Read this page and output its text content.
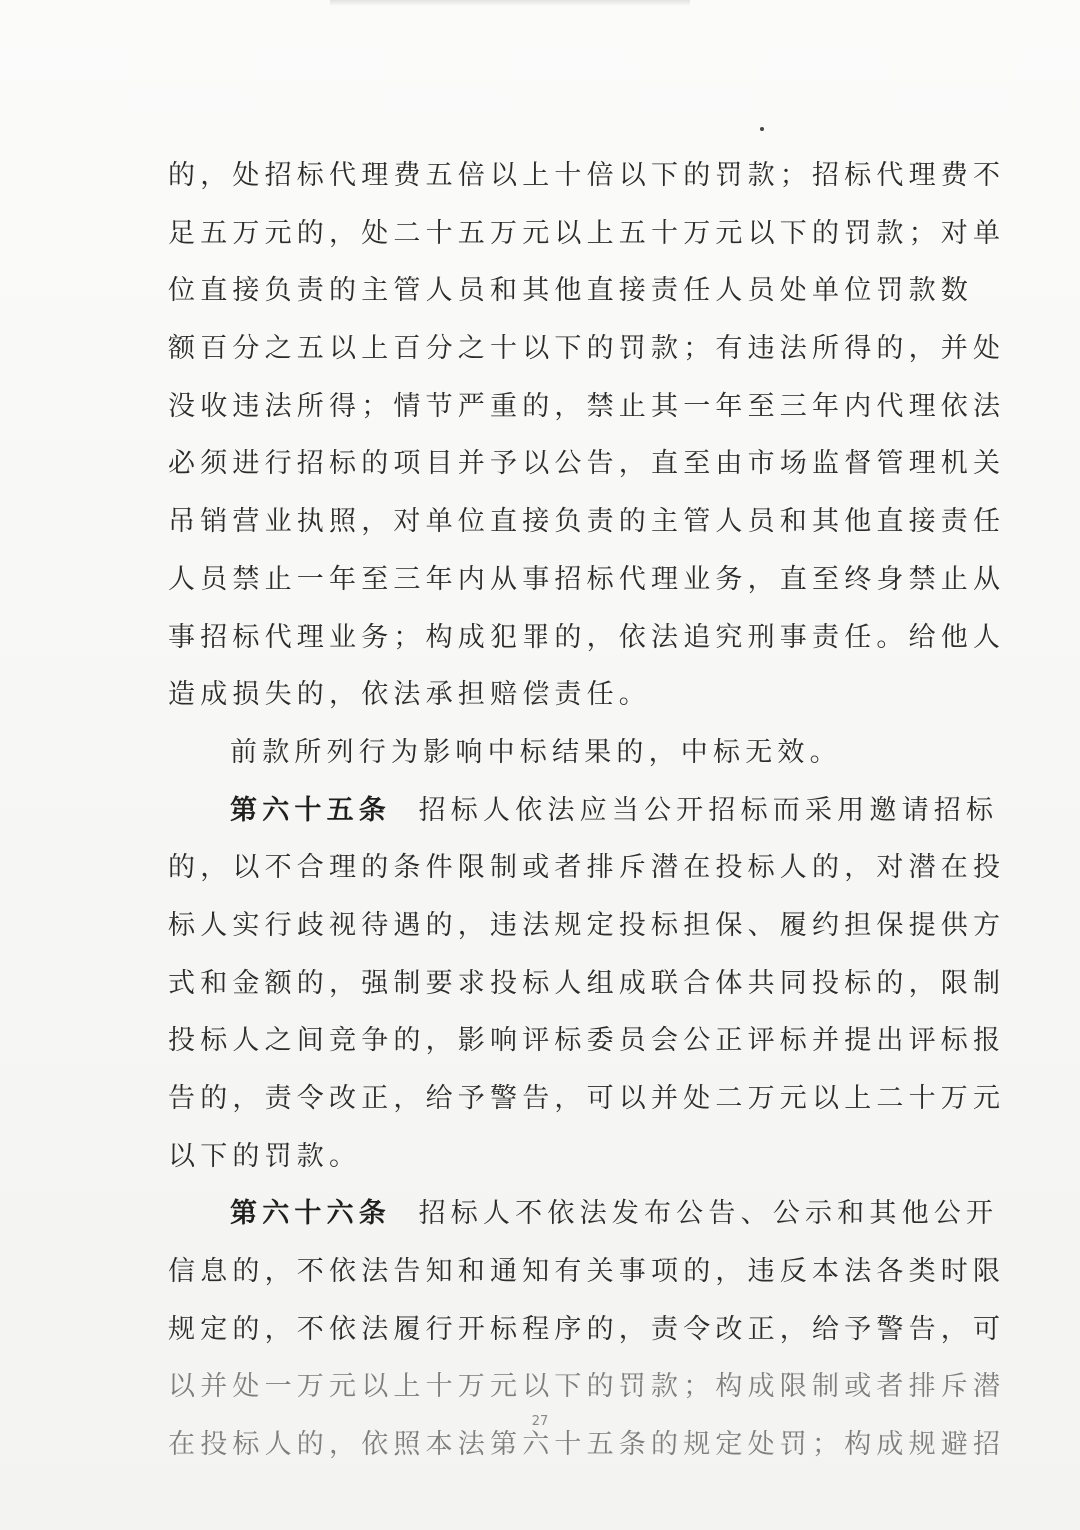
的，处招标代理费五倍以上十倍以下的罚款；招标代理费不
足五万元的，处二十五万元以上五十万元以下的罚款；对单
位直接负责的主管人员和其他直接责任人员处单位罚款数
额百分之五以上百分之十以下的罚款；有违法所得的，并处
没收违法所得；情节严重的，禁止其一年至三年内代理依法
必须进行招标的项目并予以公告，直至由市场监督管理机关
吊销营业执照，对单位直接负责的主管人员和其他直接责任
人员禁止一年至三年内从事招标代理业务，直至终身禁止从
事招标代理业务；构成犯罪的，依法追究刑事责任。给他人
造成损失的，依法承担赔偿责任。
前款所列行为影响中标结果的，中标无效。
第六十五条 招标人依法应当公开招标而采用邀请招标
的，以不合理的条件限制或者排斥潜在投标人的，对潜在投
标人实行歧视待遇的，违法规定投标担保、履约担保提供方
式和金额的，强制要求投标人组成联合体共同投标的，限制
投标人之间竞争的，影响评标委员会公正评标并提出评标报
告的，责令改正，给予警告，可以并处二万元以上二十万元
以下的罚款。
第六十六条 招标人不依法发布公告、公示和其他公开
信息的，不依法告知和通知有关事项的，违反本法各类时限
规定的，不依法履行开标程序的，责令改正，给予警告，可
以并处一万元以上十万元以下的罚款；构成限制或者排斥潜
在投标人的，依照本法第六十五条的规定处罚；构成规避招
27
